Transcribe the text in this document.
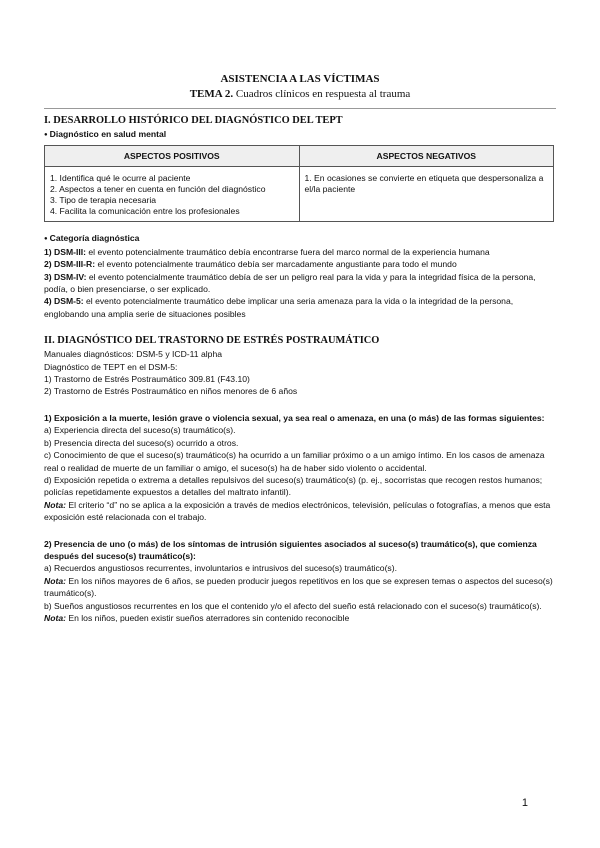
ASISTENCIA A LAS VÍCTIMAS
TEMA 2. Cuadros clínicos en respuesta al trauma

I. DESARROLLO HISTÓRICO DEL DIAGNÓSTICO DEL TEPT

● Diagnóstico en salud mental

ASPECTOS POSITIVOS	ASPECTOS NEGATIVOS

1. Identifica qué le ocurre al paciente
2. Aspectos a tener en cuenta en función del diagnóstico
3. Tipo de terapia necesaria
4. Facilita la comunicación entre los profesionales	1. En ocasiones se convierte en etiqueta que despersonaliza a el/la paciente

● Categoría diagnóstica

1) DSM-III: el evento potencialmente traumático debía encontrarse fuera del marco normal de la experiencia humana

2) DSM-III-R: el evento potencialmente traumático debía ser marcadamente angustiante para todo el mundo

3) DSM-IV: el evento potencialmente traumático debía de ser un peligro real para la vida y para la integridad física de la persona, podía, o bien presenciarse, o ser explicado.

4) DSM-5: el evento potencialmente traumático debe implicar una seria amenaza para la vida o la integridad de la persona, englobando una amplia serie de situaciones posibles

II. DIAGNÓSTICO DEL TRASTORNO DE ESTRÉS POSTRAUMÁTICO

Manuales diagnósticos: DSM-5 y ICD-11 alpha

Diagnóstico de TEPT en el DSM-5:

1) Trastorno de Estrés Postraumático 309.81 (F43.10)

2) Trastorno de Estrés Postraumático en niños menores de 6 años

1) Exposición a la muerte, lesión grave o violencia sexual, ya sea real o amenaza, en una (o más) de las formas siguientes:

a) Experiencia directa del suceso(s) traumático(s).

b) Presencia directa del suceso(s) ocurrido a otros.

c) Conocimiento de que el suceso(s) traumático(s) ha ocurrido a un familiar próximo o a un amigo íntimo. En los casos de amenaza real o realidad de muerte de un familiar o amigo, el suceso(s) ha de haber sido violento o accidental.

d) Exposición repetida o extrema a detalles repulsivos del suceso(s) traumático(s) (p. ej., socorristas que recogen restos humanos; policías repetidamente expuestos a detalles del maltrato infantil).

Nota: El criterio “d” no se aplica a la exposición a través de medios electrónicos, televisión, películas o fotografías, a menos que esta exposición esté relacionada con el trabajo.

2) Presencia de uno (o más) de los síntomas de intrusión siguientes asociados al suceso(s) traumático(s), que comienza después del suceso(s) traumático(s):

a) Recuerdos angustiosos recurrentes, involuntarios e intrusivos del suceso(s) traumático(s).

Nota: En los niños mayores de 6 años, se pueden producir juegos repetitivos en los que se expresen temas o aspectos del suceso(s) traumático(s).

b) Sueños angustiosos recurrentes en los que el contenido y/o el afecto del sueño está relacionado con el suceso(s) traumático(s).

Nota: En los niños, pueden existir sueños aterradores sin contenido reconocible

1
